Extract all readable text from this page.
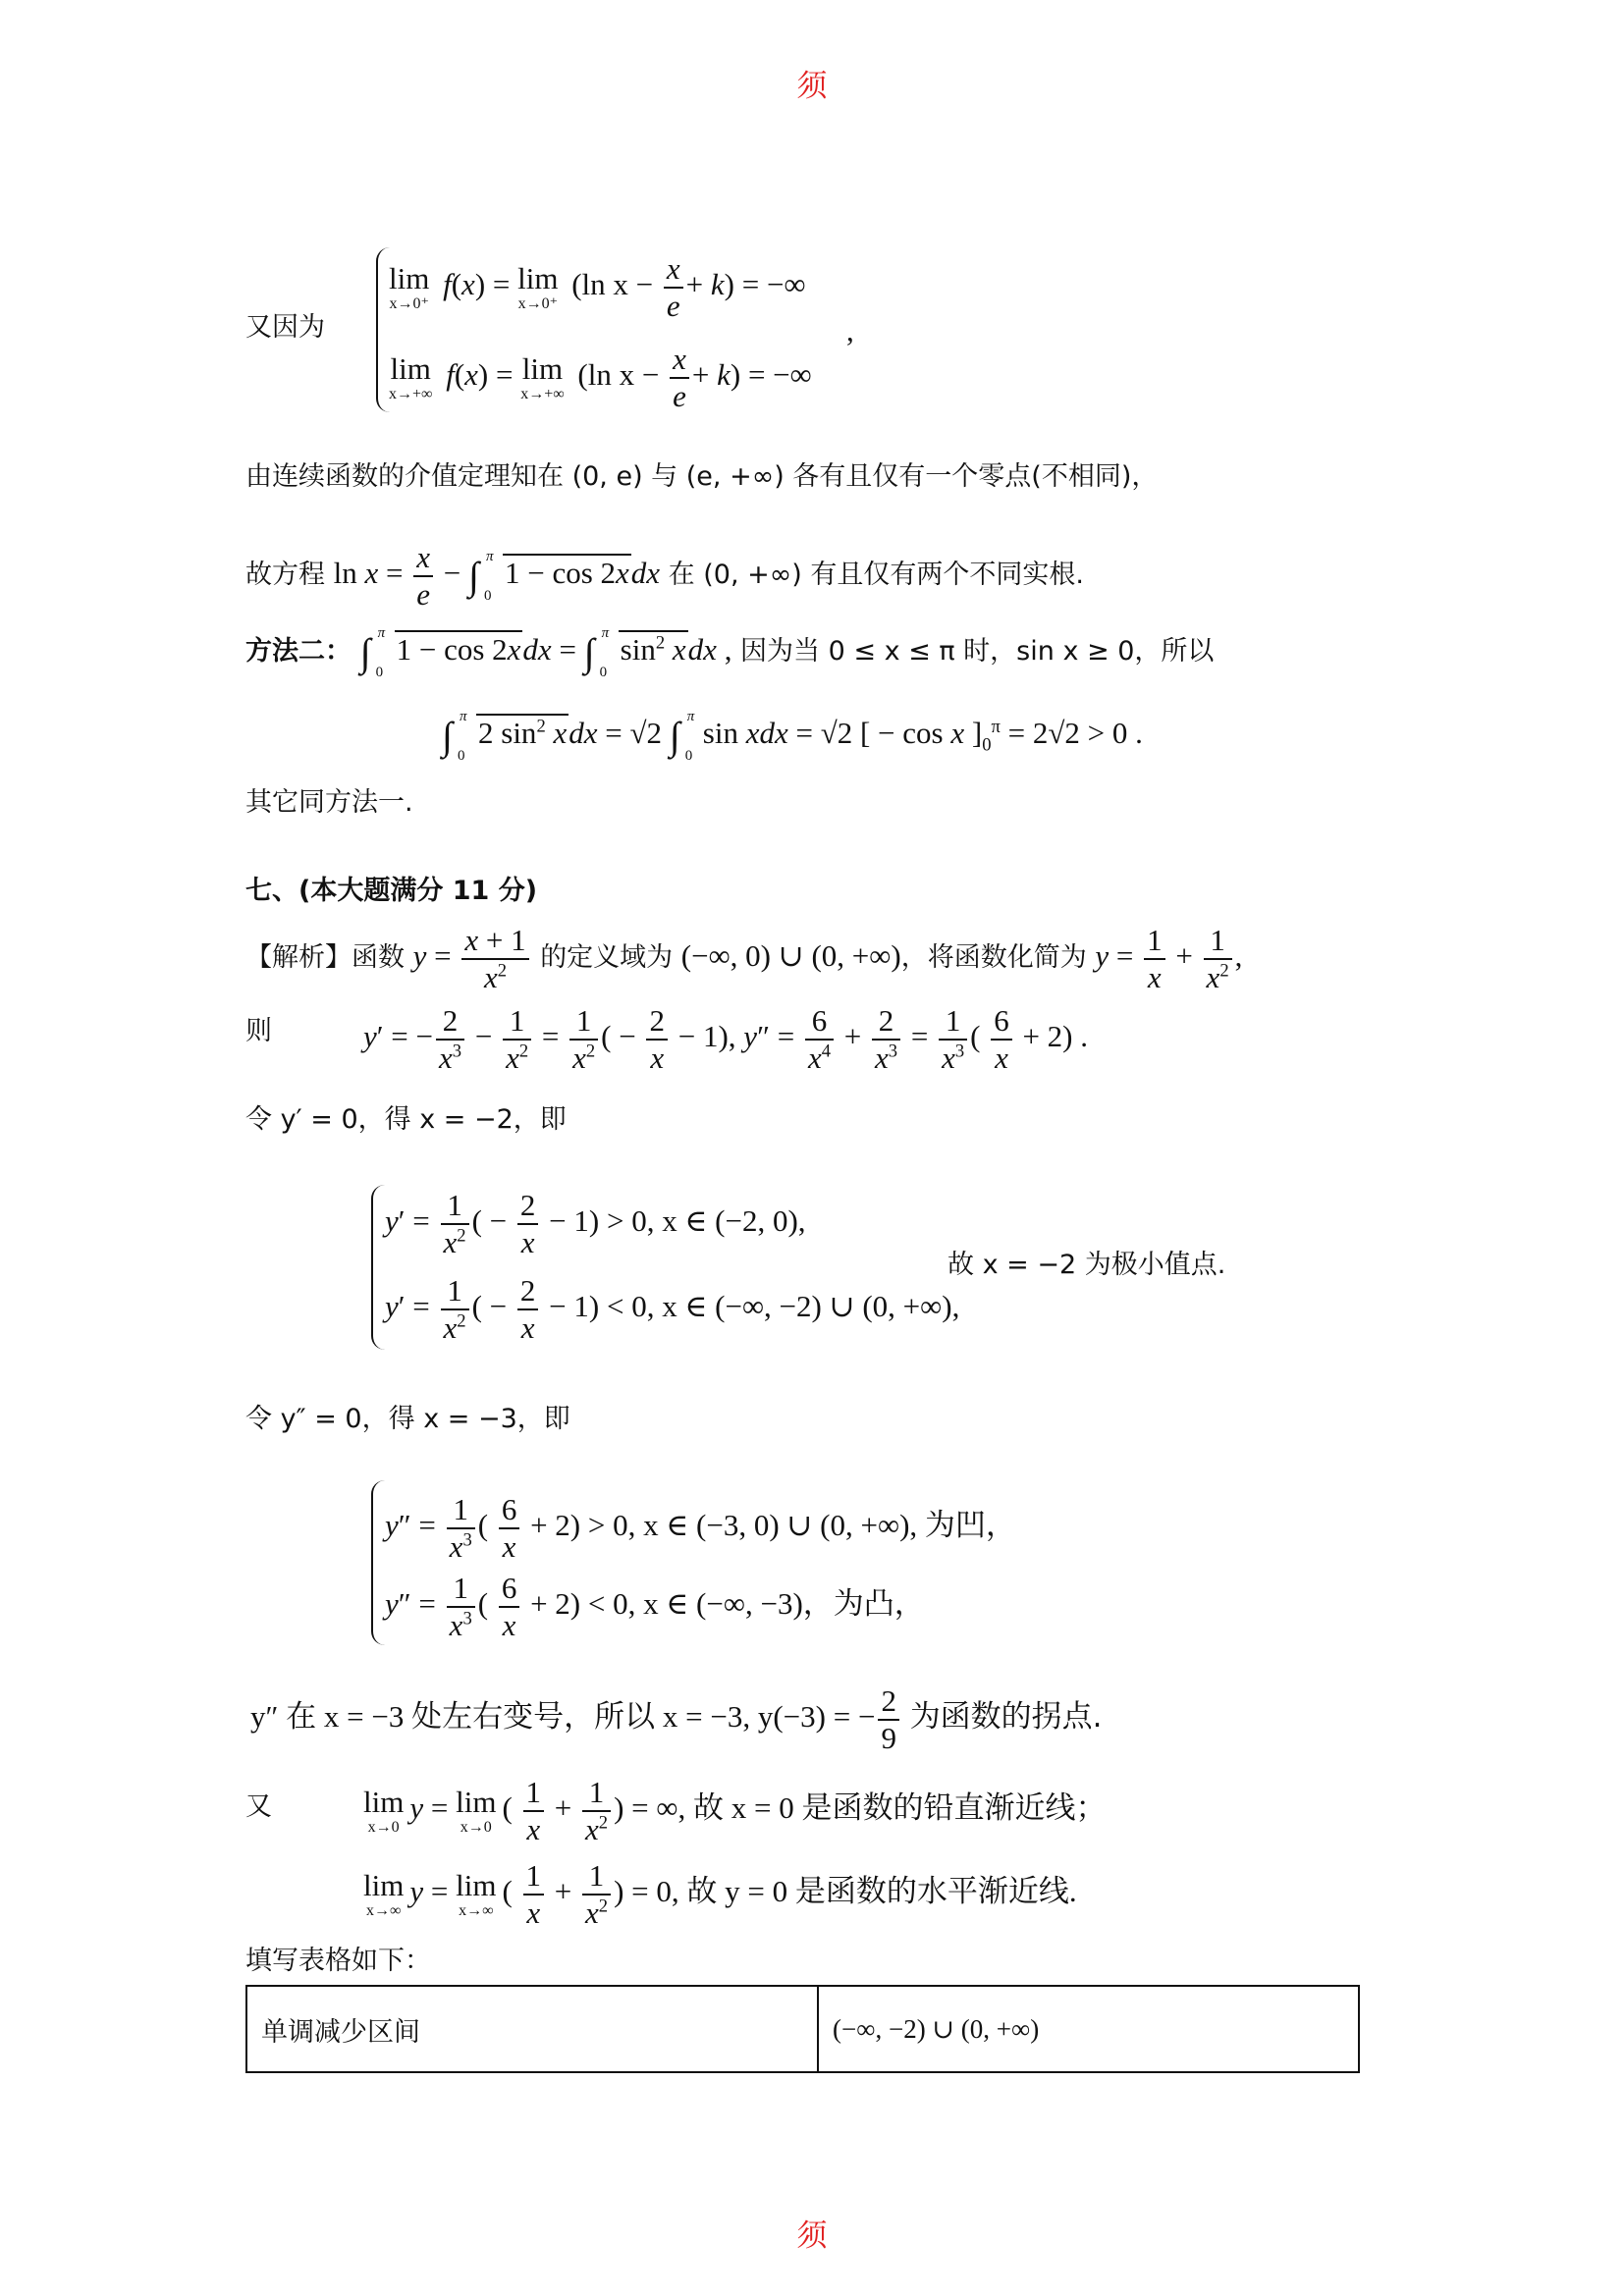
须
又因为
lim
x→0⁺
f(x) = lim
x→0⁺
(ln $x - \frac{x}{e} + k$) = −∞
,
lim
x→+∞
f(x) = lim
x→+∞
(ln $x - \frac{x}{e} + k$) = −∞
由连续函数的介值定理知在 (0, e) 与 (e, +∞) 各有且仅有一个零点(不相同)，
故方程 $\ln x = \frac{x}{e}$ − ∫ π
0
1 − cos 2xdx 在 (0, +∞) 有且仅有两个不同实根.
方法二： ∫ π
0
1 − cos 2xdx = ∫ π
0
$\sin^2$ xdx , 因为当 0 ≤ x ≤ π 时，sin x ≥ 0，所以
∫ π
0
2 $\sin^2$ xdx = √2 ∫ π
0
sin xdx = √2 [ − cos x ]$_0^\pi = 2√2 > 0$ .
其它同方法一.
七、(本大题满分 11 分)
【解析】函数 $y = \frac{x + 1}{x^2}$ 的定义域为 (−∞, 0) ∪ (0, +∞)，将函数化简为 $y = \frac{1}{x} + \frac{1}{x^2}$ ,
则	y′ = − $\frac{2}{x^3} - \frac{1}{x^2} = \frac{1}{x^2}$ ( − $\frac{2}{x} - 1$), $y'' = \frac{6}{x^4} + \frac{2}{x^3} = \frac{1}{x^3}$ ( $\frac{6}{x} + 2$) .
令 y′ = 0，得 x = −2，即
$y' = \frac{1}{x^2}$ ( − $\frac{2}{x} - 1) > 0$, x ∈ (−2, 0),
$y' = \frac{1}{x^2}$ ( − $\frac{2}{x} - 1) < 0$, x ∈ (−∞, −2) ∪ (0, +∞),
故 x = −2 为极小值点.
令 y″ = 0，得 x = −3，即
$y'' = \frac{1}{x^3}$ ( $\frac{6}{x} + 2) > 0$, x ∈ (−3, 0) ∪ (0, +∞), 为凹，
$y'' = \frac{1}{x^3}$ ( $\frac{6}{x} + 2) < 0$, x ∈ (−∞, −3)，为凸，
y″ 在 x = −3 处左右变号，所以 x = −3, y(−3) = − $\frac{2}{9}$ 为函数的拐点.
又	lim
x→0
y = lim
x→0
( $\frac{1}{x} + \frac{1}{x^2}$ ) = ∞, 故 x = 0 是函数的铅直渐近线；
lim
x→∞
y = lim
x→∞
( $\frac{1}{x} + \frac{1}{x^2}$ ) = 0, 故 y = 0 是函数的水平渐近线.
填写表格如下：
单调减少区间	(−∞, −2) ∪ (0, +∞)
须
